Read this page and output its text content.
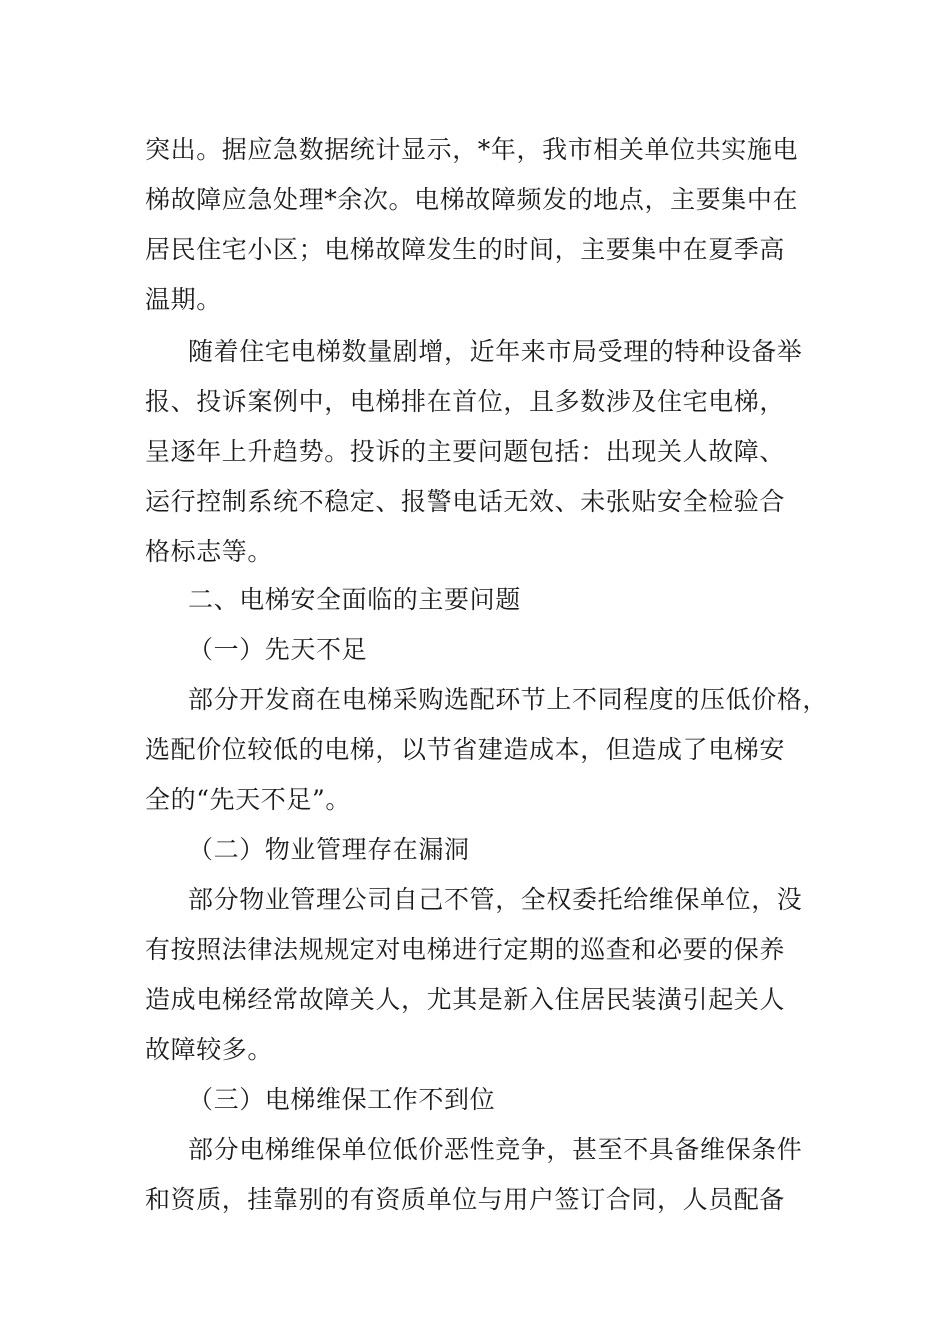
突出。据应急数据统计显示，*年，我市相关单位共实施电
梯故障应急处理*余次。电梯故障频发的地点，主要集中在
居民住宅小区；电梯故障发生的时间，主要集中在夏季高
温期。
随着住宅电梯数量剧增，近年来市局受理的特种设备举
报、投诉案例中，电梯排在首位，且多数涉及住宅电梯，
呈逐年上升趋势。投诉的主要问题包括：出现关人故障、
运行控制系统不稳定、报警电话无效、未张贴安全检验合
格标志等。
二、电梯安全面临的主要问题
（一）先天不足
部分开发商在电梯采购选配环节上不同程度的压低价格，
选配价位较低的电梯，以节省建造成本，但造成了电梯安
全的“先天不足”。
（二）物业管理存在漏洞
部分物业管理公司自己不管，全权委托给维保单位，没
有按照法律法规规定对电梯进行定期的巡查和必要的保养
造成电梯经常故障关人，尤其是新入住居民装潢引起关人
故障较多。
（三）电梯维保工作不到位
部分电梯维保单位低价恶性竞争，甚至不具备维保条件
和资质，挂靠别的有资质单位与用户签订合同，人员配备
